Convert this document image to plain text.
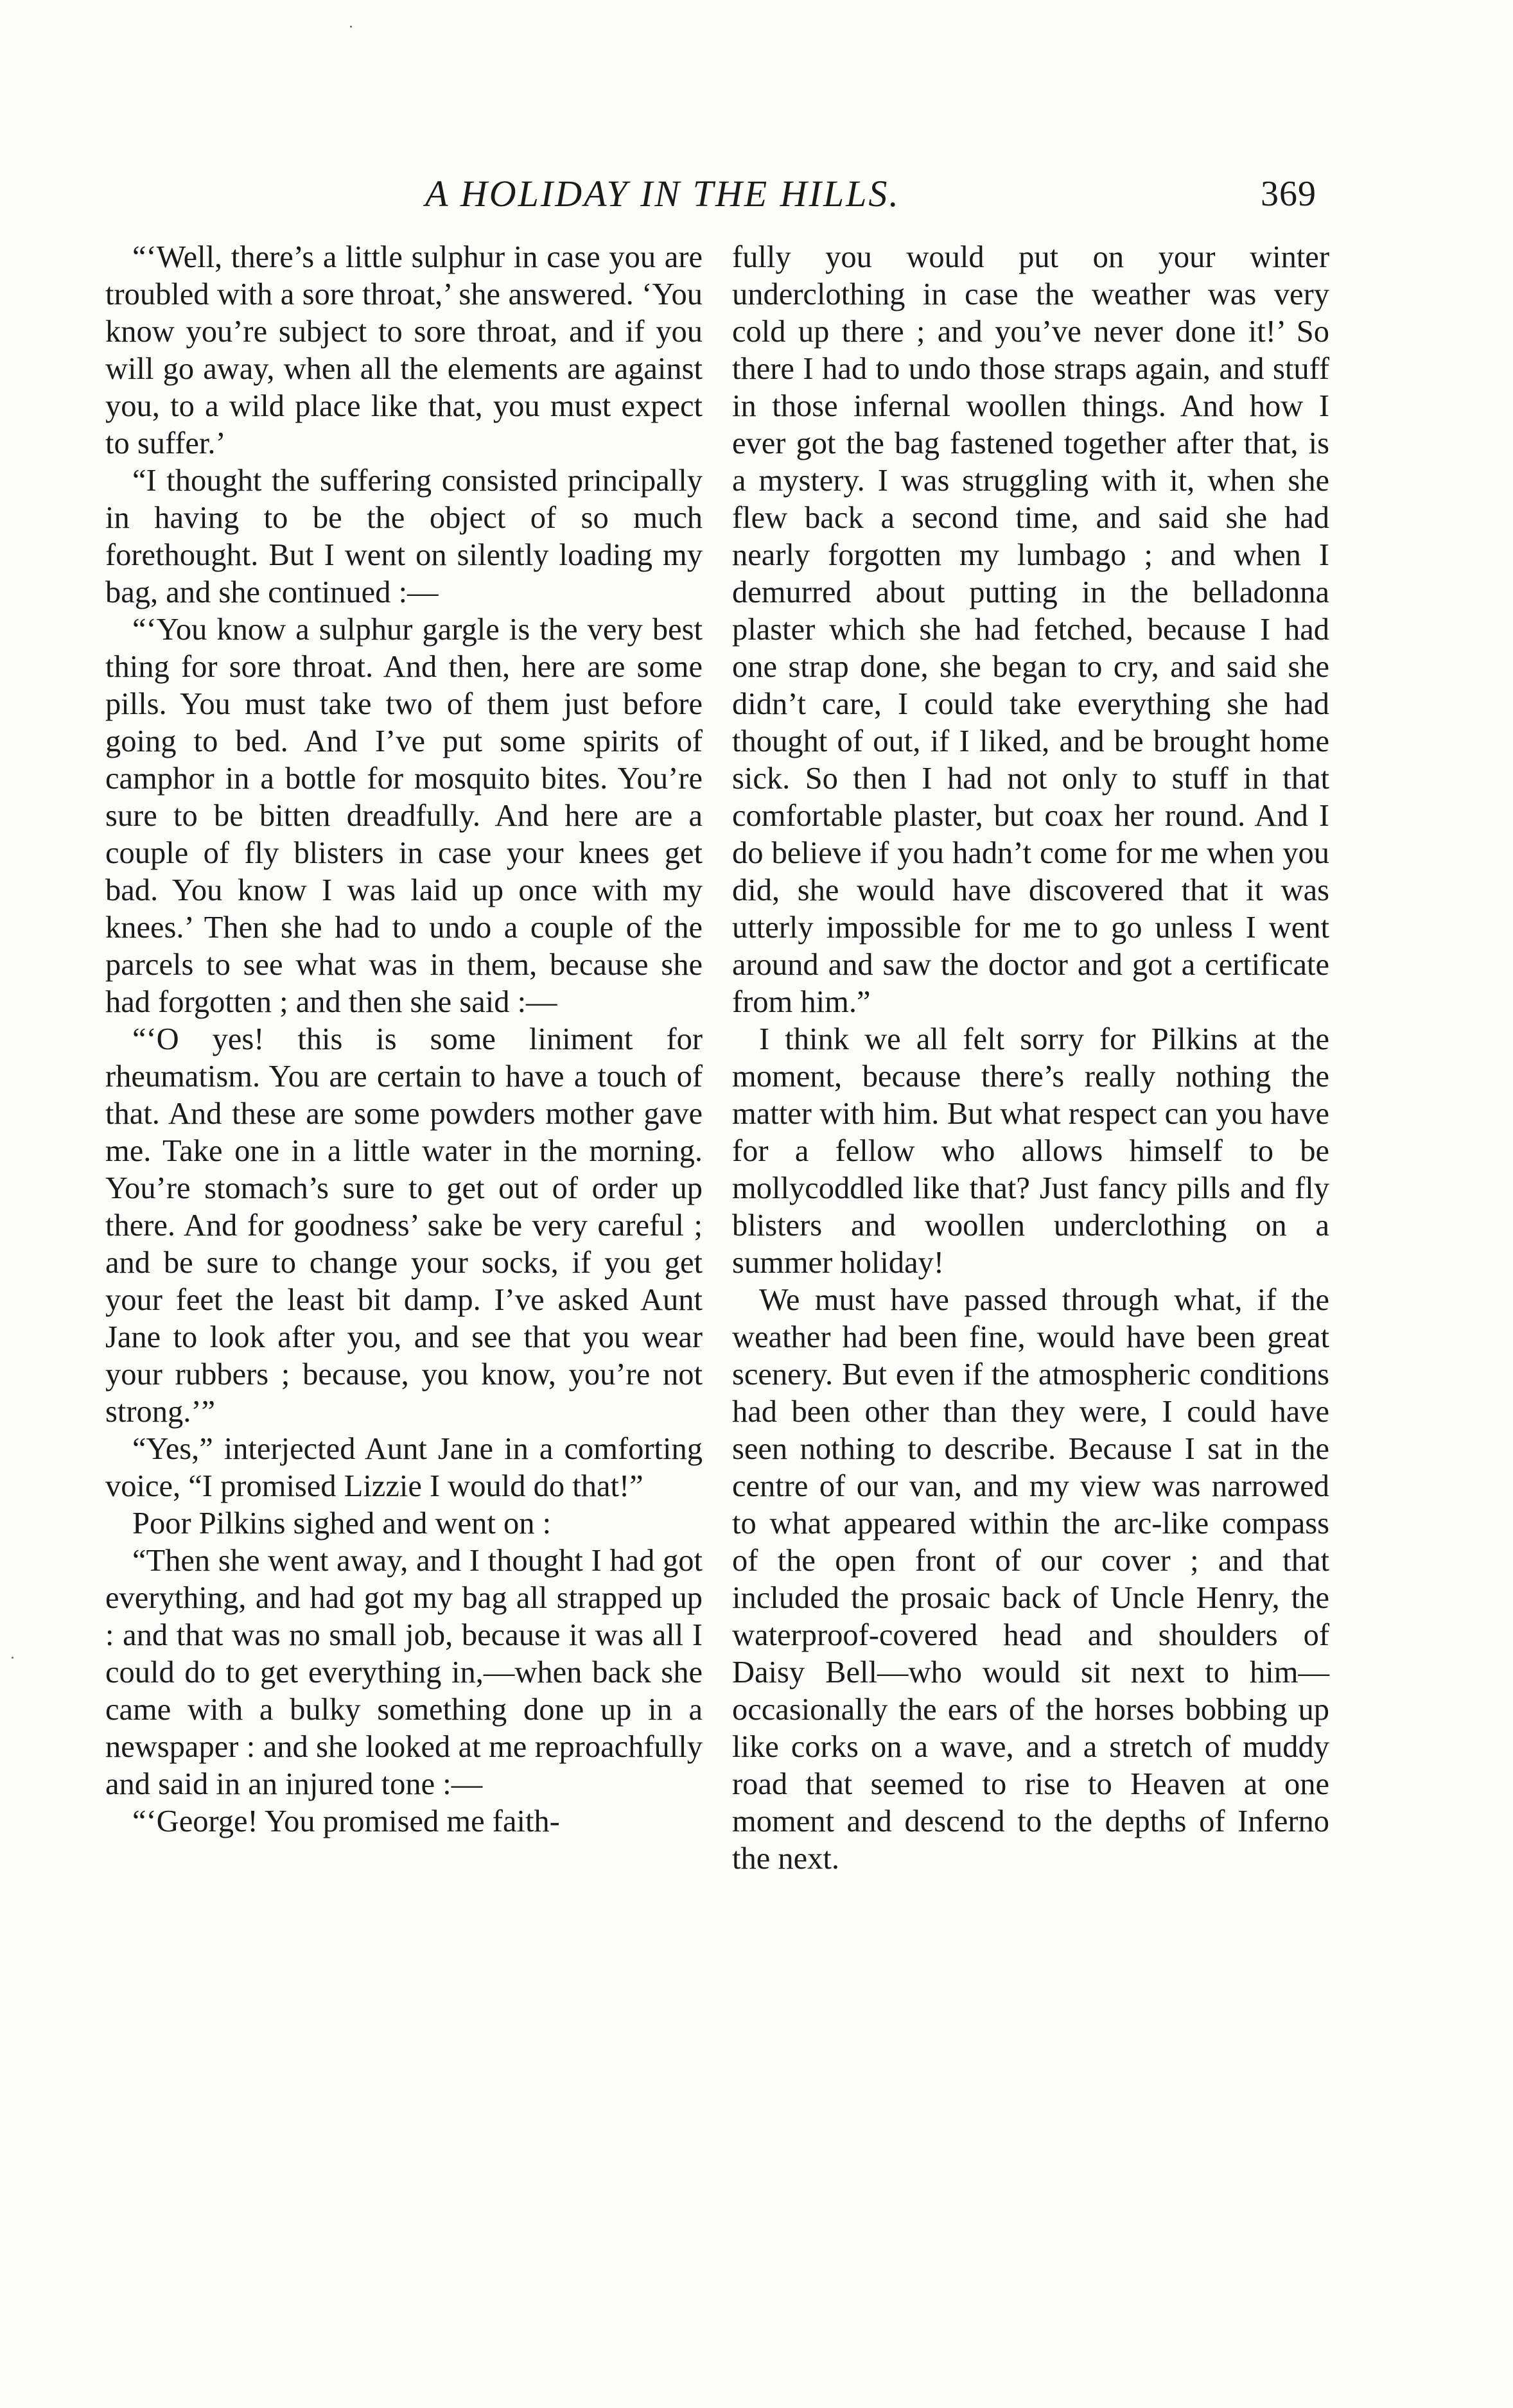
A HOLIDAY IN THE HILLS.	369

“‘Well, there’s a little sulphur in case you are troubled with a sore throat,’ she answered. ‘You know you’re subject to sore throat, and if you will go away, when all the elements are against you, to a wild place like that, you must expect to suffer.’

“I thought the suffering consisted principally in having to be the object of so much forethought. But I went on silently loading my bag, and she continued :—

“‘You know a sulphur gargle is the very best thing for sore throat. And then, here are some pills. You must take two of them just before going to bed. And I’ve put some spirits of camphor in a bottle for mosquito bites. You’re sure to be bitten dreadfully. And here are a couple of fly blisters in case your knees get bad. You know I was laid up once with my knees.’ Then she had to undo a couple of the parcels to see what was in them, because she had forgotten ; and then she said :—

“‘O yes! this is some liniment for rheumatism. You are certain to have a touch of that. And these are some powders mother gave me. Take one in a little water in the morning. You’re stomach’s sure to get out of order up there. And for goodness’ sake be very careful ; and be sure to change your socks, if you get your feet the least bit damp. I’ve asked Aunt Jane to look after you, and see that you wear your rubbers ; because, you know, you’re not strong.’”

“Yes,” interjected Aunt Jane in a comforting voice, “I promised Lizzie I would do that!”

Poor Pilkins sighed and went on :

“Then she went away, and I thought I had got everything, and had got my bag all strapped up : and that was no small job, because it was all I could do to get everything in,—when back she came with a bulky something done up in a newspaper : and she looked at me reproachfully and said in an injured tone :—

“‘George! You promised me faith-

fully you would put on your winter underclothing in case the weather was very cold up there ; and you’ve never done it!’ So there I had to undo those straps again, and stuff in those infernal woollen things. And how I ever got the bag fastened together after that, is a mystery. I was struggling with it, when she flew back a second time, and said she had nearly forgotten my lumbago ; and when I demurred about putting in the belladonna plaster which she had fetched, because I had one strap done, she began to cry, and said she didn’t care, I could take everything she had thought of out, if I liked, and be brought home sick. So then I had not only to stuff in that comfortable plaster, but coax her round. And I do believe if you hadn’t come for me when you did, she would have discovered that it was utterly impossible for me to go unless I went around and saw the doctor and got a certificate from him.”

I think we all felt sorry for Pilkins at the moment, because there’s really nothing the matter with him. But what respect can you have for a fellow who allows himself to be mollycoddled like that? Just fancy pills and fly blisters and woollen underclothing on a summer holiday!

We must have passed through what, if the weather had been fine, would have been great scenery. But even if the atmospheric conditions had been other than they were, I could have seen nothing to describe. Because I sat in the centre of our van, and my view was narrowed to what appeared within the arc-like compass of the open front of our cover ; and that included the prosaic back of Uncle Henry, the waterproof-covered head and shoulders of Daisy Bell—who would sit next to him—occasionally the ears of the horses bobbing up like corks on a wave, and a stretch of muddy road that seemed to rise to Heaven at one moment and descend to the depths of Inferno the next.
